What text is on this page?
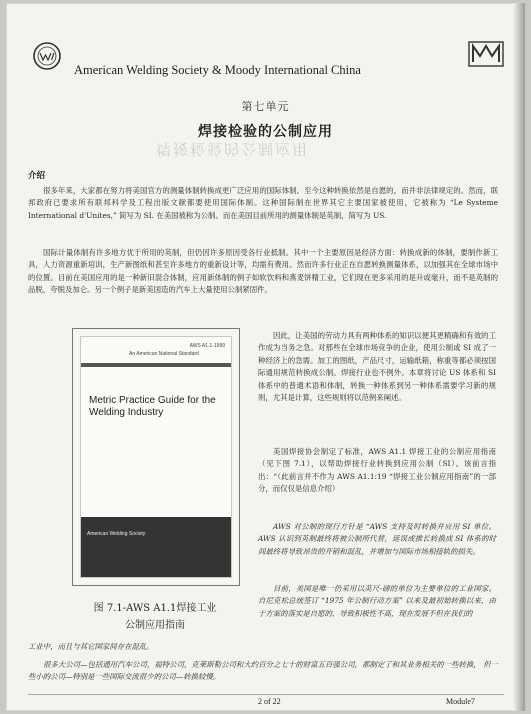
American Welding Society & Moody International China
第七单元
焊接检验的公制应用
焊接检验的公制应用
介绍

很多年来，大家都在努力将美国官方的测量体制转换成更广泛应用的国际体制。至今这种转换依然是自愿的，而并非法律规定的。然而，联邦政府已要求所有联邦科学及工程出版文献都要使用国际体制。这种国际制在世界其它主要国家被使用，它被称为 “Le Systeme International d'Unites,” 简写为 SI. 在美国被称为公制。而在美国目前所用的测量体制是英制，简写为 US.

国际计量体制有许多地方优于所用的英制，但仍因许多原因受各行业抵制。其中一个主要原因是经济方面：转换成新的体制，要制作新工具，人力资源重新培训，生产新图纸和甚至许多地方的重新设计等，均需有费用。然而许多行业正在自愿转换测量体系，以加强其在全球市场中的位置。目前在美国应用的是一种新旧混合体制，应用新体制的例子如软饮料和燕麦饼精工业，它们现在更多采用的是升或毫升，而不是英制的品脱，夸脱及加仑。另一个例子是新美国造的汽车上大量使用公制紧固件。

AWS A1.1-1999
An American National Standard
Metric Practice Guide for the Welding Industry
American Welding Society
图 7.1-AWS A1.1焊接工业
公制应用指南

因此，让美国的劳动力具有两种体系的知识以便其更精确和有效的工作成为当务之急。对那些在全球市场竞争的企业，使用公制或 SI 成了一种经济上的急需。加工的图纸，产品尺寸，运输纸箱，称重等都必须按国际通用规范转换成公制。焊接行业也不例外。本章将讨论 US 体系和 SI 体系中的普通术语和体制，转换一种体系到另一种体系需要学习新的规则，尤其是计算，这些规则将以范例来阐述。

美国焊接协会制定了标准，AWS A1.1 焊接工业的公制应用指南（见下图 7.1），以帮助焊接行业转换到应用公制（SI）。该前言指出：“（此前言并不作为 AWS A1.1:19 “焊接工业公制应用指南”的一部分，而仅仅是信息介绍）

AWS 对公制的现行方针是 “AWS 支持及时转换并应用 SI 单位。AWS 认识到英制最终将被公制所代替，延误或推长转换成 SI 体系的时间最终将导致昂贵的开销和混乱，并增加与国际市场相接轨的损失。

目前，美国是唯一仍采用以英尺-磅的单位为主要单位的工业国家。自尼克松总统签订 “1975 年公制行动方案” 以来及最初始转换以来，由于方案的落实是自愿的，导致积极性不高，现在发展不但在我们的

工业中，而且与其它国家间存在混乱。

很多大公司—包括通用汽车公司，福特公司，克莱斯勒公司和大约百分之七十的财富五百强公司，都制定了和其业务相关的一些转换， 但一些小的公司—特别是一些国际交流很少的公司—转换较慢。

2 of 22	Module7
